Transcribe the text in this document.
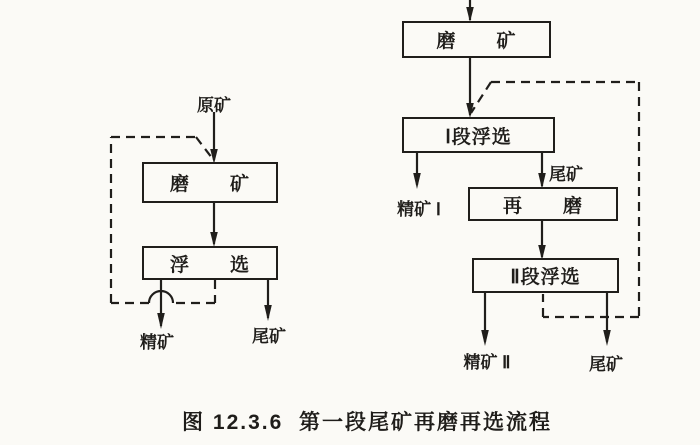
原矿
磨　　矿
浮　　选
精矿	尾矿
磨　　矿
Ⅰ段浮选
精矿 Ⅰ
尾矿
再　　磨
Ⅱ段浮选
精矿 Ⅱ	尾矿
图 12.3.6  第一段尾矿再磨再选流程
